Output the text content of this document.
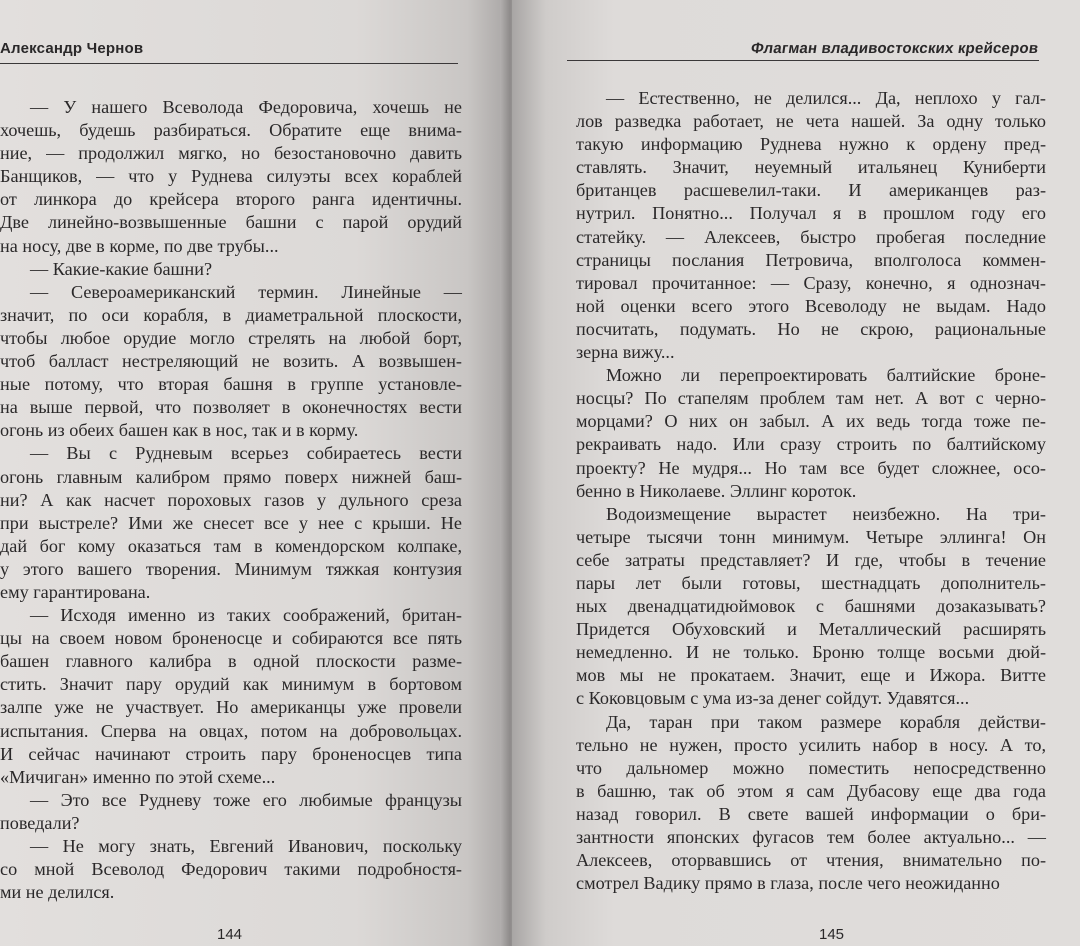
Александр Чернов
— У нашего Всеволода Федоровича, хочешь не
хочешь, будешь разбираться. Обратите еще внима-
ние, — продолжил мягко, но безостановочно давить
Банщиков, — что у Руднева силуэты всех кораблей
от линкора до крейсера второго ранга идентичны.
Две линейно-возвышенные башни с парой орудий
на носу, две в корме, по две трубы...
— Какие-какие башни?
— Североамериканский термин. Линейные —
значит, по оси корабля, в диаметральной плоскости,
чтобы любое орудие могло стрелять на любой борт,
чтоб балласт нестреляющий не возить. А возвышен-
ные потому, что вторая башня в группе установле-
на выше первой, что позволяет в оконечностях вести
огонь из обеих башен как в нос, так и в корму.
— Вы с Рудневым всерьез собираетесь вести
огонь главным калибром прямо поверх нижней баш-
ни? А как насчет пороховых газов у дульного среза
при выстреле? Ими же снесет все у нее с крыши. Не
дай бог кому оказаться там в комендорском колпаке,
у этого вашего творения. Минимум тяжкая контузия
ему гарантирована.
— Исходя именно из таких соображений, британ-
цы на своем новом броненосце и собираются все пять
башен главного калибра в одной плоскости разме-
стить. Значит пару орудий как минимум в бортовом
залпе уже не участвует. Но американцы уже провели
испытания. Сперва на овцах, потом на добровольцах.
И сейчас начинают строить пару броненосцев типа
«Мичиган» именно по этой схеме...
— Это все Рудневу тоже его любимые французы
поведали?
— Не могу знать, Евгений Иванович, поскольку
со мной Всеволод Федорович такими подробностя-
ми не делился.
144
Флагман владивостокских крейсеров
— Естественно, не делился... Да, неплохо у гал-
лов разведка работает, не чета нашей. За одну только
такую информацию Руднева нужно к ордену пред-
ставлять. Значит, неуемный итальянец Куниберти
британцев расшевелил-таки. И американцев раз-
нутрил. Понятно... Получал я в прошлом году его
статейку. — Алексеев, быстро пробегая последние
страницы послания Петровича, вполголоса коммен-
тировал прочитанное: — Сразу, конечно, я однознач-
ной оценки всего этого Всеволоду не выдам. Надо
посчитать, подумать. Но не скрою, рациональные
зерна вижу...
Можно ли перепроектировать балтийские броне-
носцы? По стапелям проблем там нет. А вот с черно-
морцами? О них он забыл. А их ведь тогда тоже пе-
рекраивать надо. Или сразу строить по балтийскому
проекту? Не мудря... Но там все будет сложнее, осо-
бенно в Николаеве. Эллинг короток.
Водоизмещение вырастет неизбежно. На три-
четыре тысячи тонн минимум. Четыре эллинга! Он
себе затраты представляет? И где, чтобы в течение
пары лет были готовы, шестнадцать дополнитель-
ных двенадцатидюймовок с башнями дозаказывать?
Придется Обуховский и Металлический расширять
немедленно. И не только. Броню толще восьми дюй-
мов мы не прокатаем. Значит, еще и Ижора. Витте
с Коковцовым с ума из-за денег сойдут. Удавятся...
Да, таран при таком размере корабля действи-
тельно не нужен, просто усилить набор в носу. А то,
что дальномер можно поместить непосредственно
в башню, так об этом я сам Дубасову еще два года
назад говорил. В свете вашей информации о бри-
зантности японских фугасов тем более актуально... —
Алексеев, оторвавшись от чтения, внимательно по-
смотрел Вадику прямо в глаза, после чего неожиданно
145
